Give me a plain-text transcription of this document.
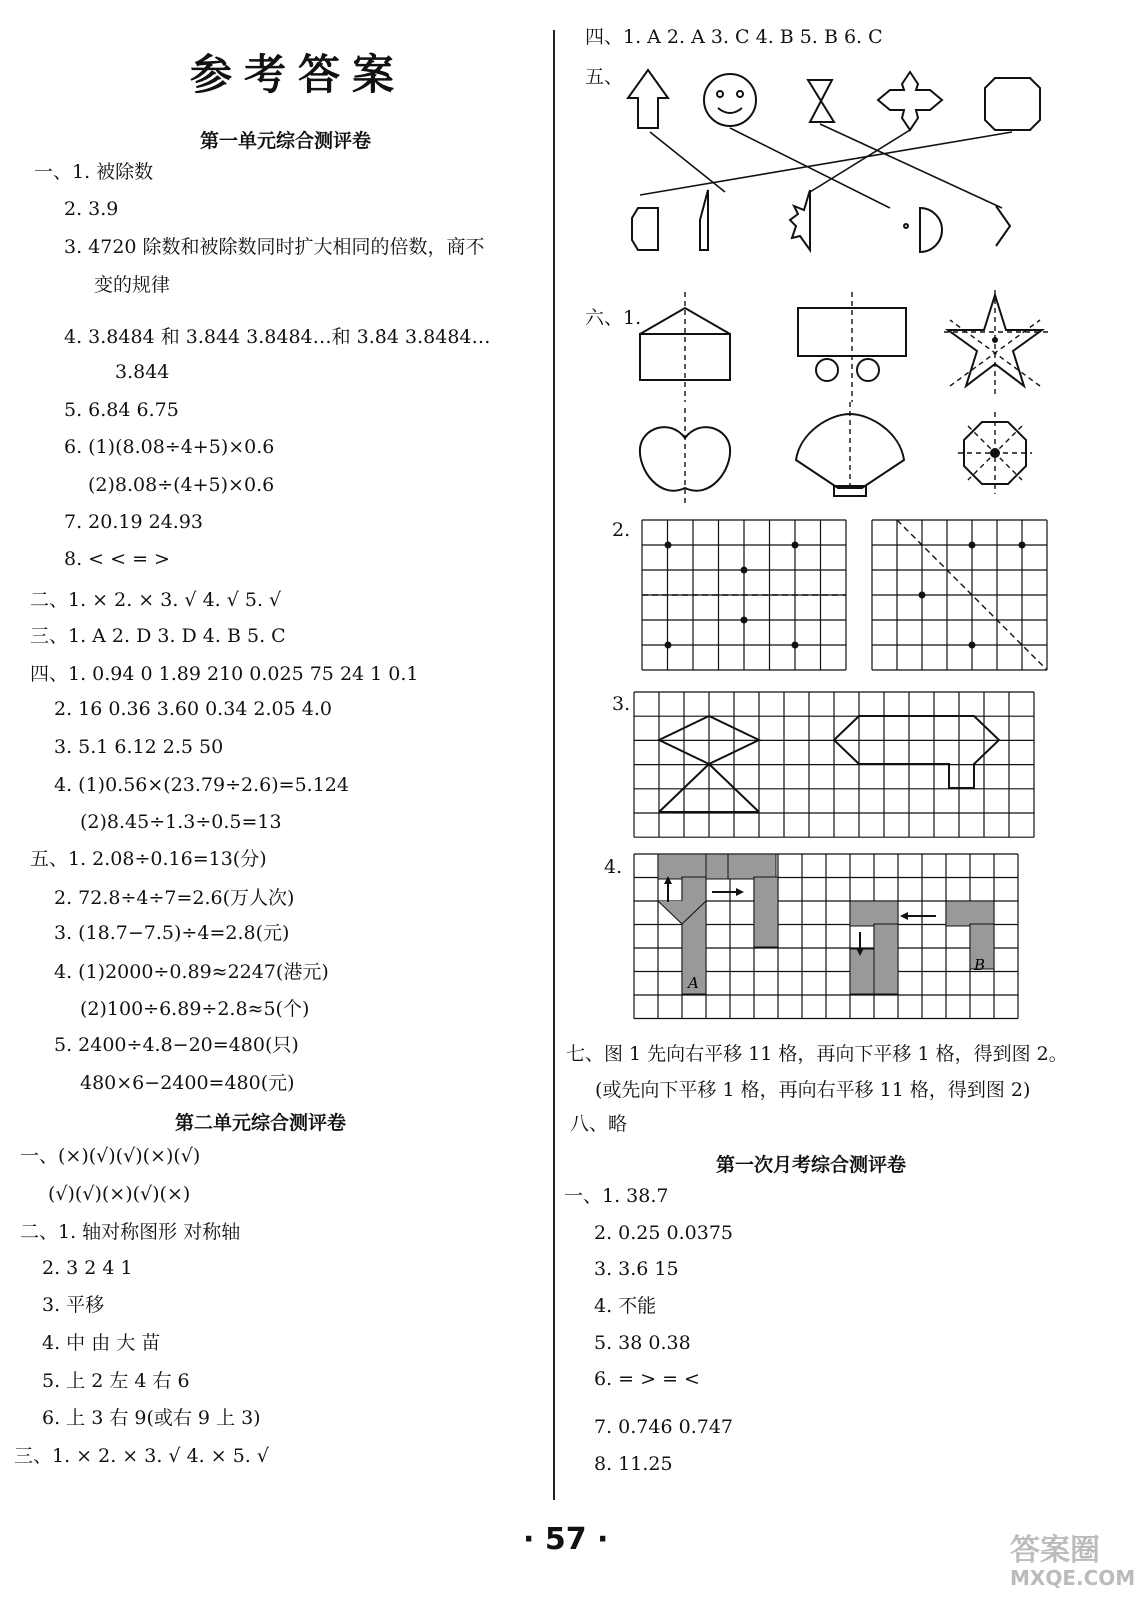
参考答案
第一单元综合测评卷
一、1. 被除数
2. 3.9
3. 4720 除数和被除数同时扩大相同的倍数，商不
变的规律
4. 3.8484 和 3.844 3.8484…和 3.8̇4̇ 3.8484…
3.844
5. 6.84 6.75
6. (1)(8.08÷4+5)×0.6
(2)8.08÷(4+5)×0.6
7. 20.19 24.93
8. < < = >
二、1. × 2. × 3. √ 4. √ 5. √
三、1. A 2. D 3. D 4. B 5. C
四、1. 0.94 0 1.89 210 0.025 75 24 1 0.1
2. 16 0.36 3.60 0.34 2.05 4.0
3. 5.1 6.12 2.5 50
4. (1)0.56×(23.79÷2.6)=5.124
(2)8.45÷1.3÷0.5=13
五、1. 2.08÷0.16=13(分)
2. 72.8÷4÷7=2.6(万人次)
3. (18.7−7.5)÷4=2.8(元)
4. (1)2000÷0.89≈2247(港元)
(2)100÷6.89÷2.8≈5(个)
5. 2400÷4.8−20=480(只)
480×6−2400=480(元)
第二单元综合测评卷
一、(×)(√)(√)(×)(√)
(√)(√)(×)(√)(×)
二、1. 轴对称图形 对称轴
2. 3 2 4 1
3. 平移
4. 中 由 大 苗
5. 上 2 左 4 右 6
6. 上 3 右 9(或右 9 上 3)
三、1. × 2. × 3. √ 4. × 5. √
四、1. A 2. A 3. C 4. B 5. B 6. C
五、
六、1.
2.
3.
4.
七、图 1 先向右平移 11 格，再向下平移 1 格，得到图 2。
(或先向下平移 1 格，再向右平移 11 格，得到图 2)
八、略
第一次月考综合测评卷
一、1. 38.7
2. 0.25 0.0375
3. 3.6 15
4. 不能
5. 38 0.38
6. = > = <
7. 0.7̇46̇ 0.747
8. 11.25
A
B
· 57 ·	答案圈
MXQE.COM
